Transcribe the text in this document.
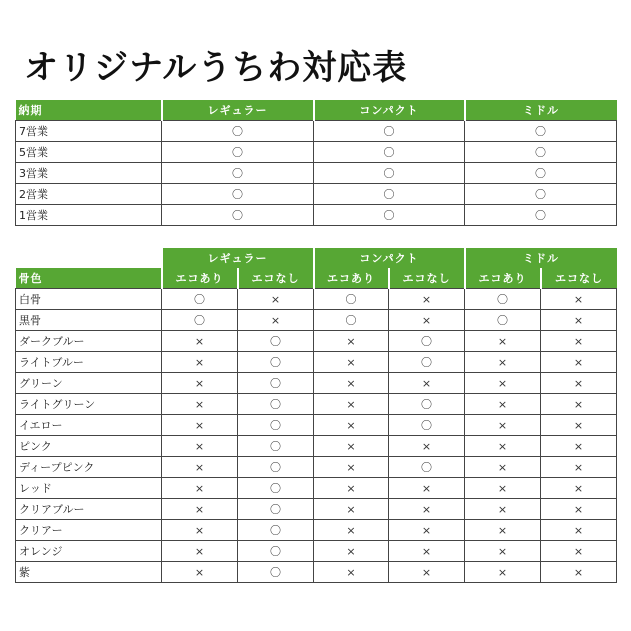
オリジナルうちわ対応表
納期	レギュラー	コンパクト	ミドル
7営業	〇	〇	〇
5営業	〇	〇	〇
3営業	〇	〇	〇
2営業	〇	〇	〇
1営業	〇	〇	〇
	レギュラー		コンパクト		ミドル	
骨色	エコあり	エコなし	エコあり	エコなし	エコあり	エコなし
白骨	〇	×	〇	×	〇	×
黒骨	〇	×	〇	×	〇	×
ダークブルー	×	〇	×	〇	×	×
ライトブルー	×	〇	×	〇	×	×
グリーン	×	〇	×	×	×	×
ライトグリーン	×	〇	×	〇	×	×
イエロー	×	〇	×	〇	×	×
ピンク	×	〇	×	×	×	×
ディープピンク	×	〇	×	〇	×	×
レッド	×	〇	×	×	×	×
クリアブルー	×	〇	×	×	×	×
クリアー	×	〇	×	×	×	×
オレンジ	×	〇	×	×	×	×
紫	×	〇	×	×	×	×
